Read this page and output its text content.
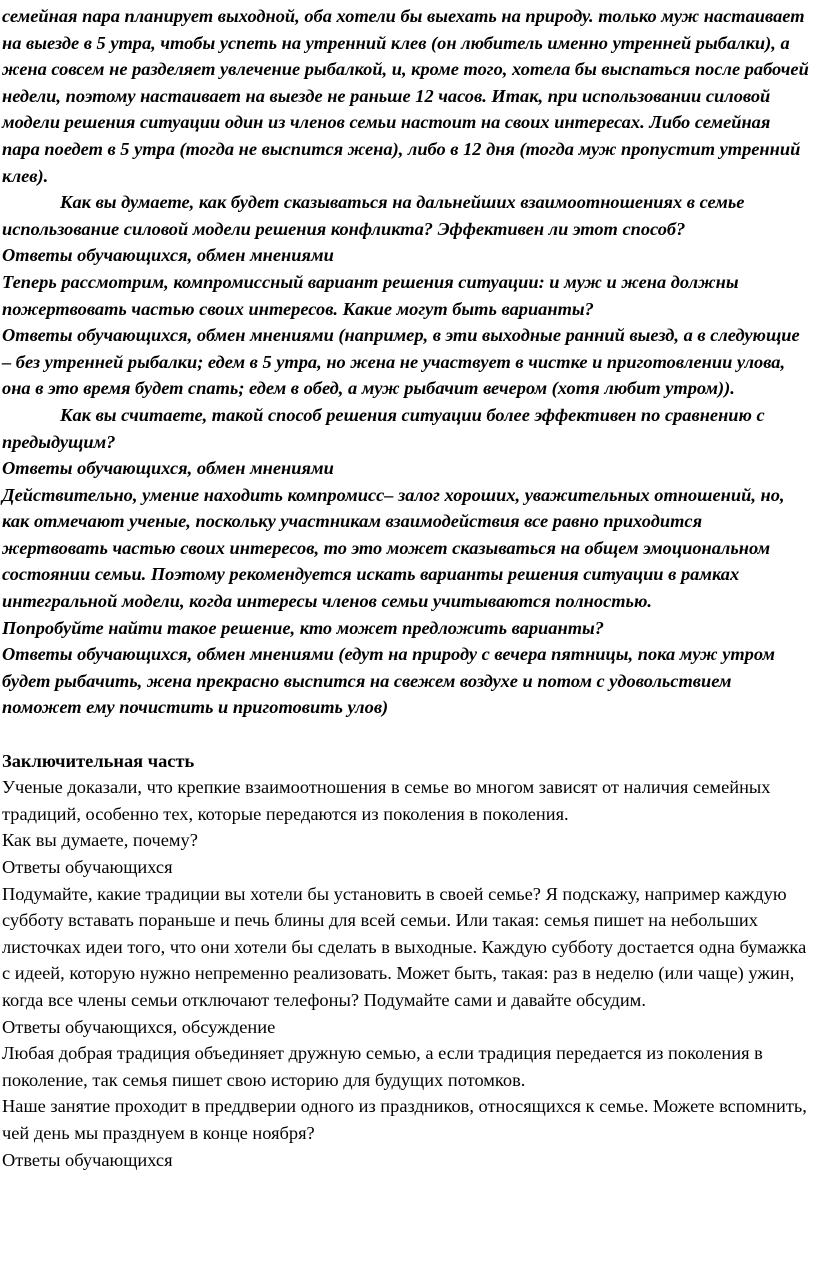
семейная пара планирует выходной, оба хотели бы выехать на природу. только муж настаивает на выезде в 5 утра, чтобы успеть на утренний клев (он любитель именно утренней рыбалки), а жена совсем не разделяет увлечение рыбалкой, и, кроме того, хотела бы выспаться после рабочей недели, поэтому настаивает на выезде не раньше 12 часов. Итак, при использовании силовой модели решения ситуации один из членов семьи настоит на своих интересах. Либо семейная пара поедет в 5 утра (тогда не выспится жена), либо в 12 дня (тогда муж пропустит утренний клев).

Как вы думаете, как будет сказываться на дальнейших взаимоотношениях в семье использование силовой модели решения конфликта? Эффективен ли этот способ?

Ответы обучающихся, обмен мнениями

Теперь рассмотрим, компромиссный вариант решения ситуации: и муж и жена должны пожертвовать частью своих интересов. Какие могут быть варианты?

Ответы обучающихся, обмен мнениями (например, в эти выходные ранний выезд, а в следующие – без утренней рыбалки; едем в 5 утра, но жена не участвует в чистке и приготовлении улова, она в это время будет спать; едем в обед, а муж рыбачит вечером (хотя любит утром)).

Как вы считаете, такой способ решения ситуации более эффективен по сравнению с предыдущим?

Ответы обучающихся, обмен мнениями

Действительно, умение находить компромисс– залог хороших, уважительных отношений, но, как отмечают ученые, поскольку участникам взаимодействия все равно приходится жертвовать частью своих интересов, то это может сказываться на общем эмоциональном состоянии семьи. Поэтому рекомендуется искать варианты решения ситуации в рамках интегральной модели, когда интересы членов семьи учитываются полностью.

Попробуйте найти такое решение, кто может предложить варианты?

Ответы обучающихся, обмен мнениями (едут на природу с вечера пятницы, пока муж утром будет рыбачить, жена прекрасно выспится на свежем воздухе и потом с удовольствием поможет ему почистить и приготовить улов)

Заключительная часть

Ученые доказали, что крепкие взаимоотношения в семье во многом зависят от наличия семейных традиций, особенно тех, которые передаются из поколения в поколения.

Как вы думаете, почему?

Ответы обучающихся

Подумайте, какие традиции вы хотели бы установить в своей семье? Я подскажу, например каждую субботу вставать пораньше и печь блины для всей семьи. Или такая: семья пишет на небольших листочках идеи того, что они хотели бы сделать в выходные. Каждую субботу достается одна бумажка с идеей, которую нужно непременно реализовать. Может быть, такая: раз в неделю (или чаще) ужин, когда все члены семьи отключают телефоны? Подумайте сами и давайте обсудим.

Ответы обучающихся, обсуждение

Любая добрая традиция объединяет дружную семью, а если традиция передается из поколения в поколение, так семья пишет свою историю для будущих потомков.

Наше занятие проходит в преддверии одного из праздников, относящихся к семье. Можете вспомнить, чей день мы празднуем в конце ноября?

Ответы обучающихся
